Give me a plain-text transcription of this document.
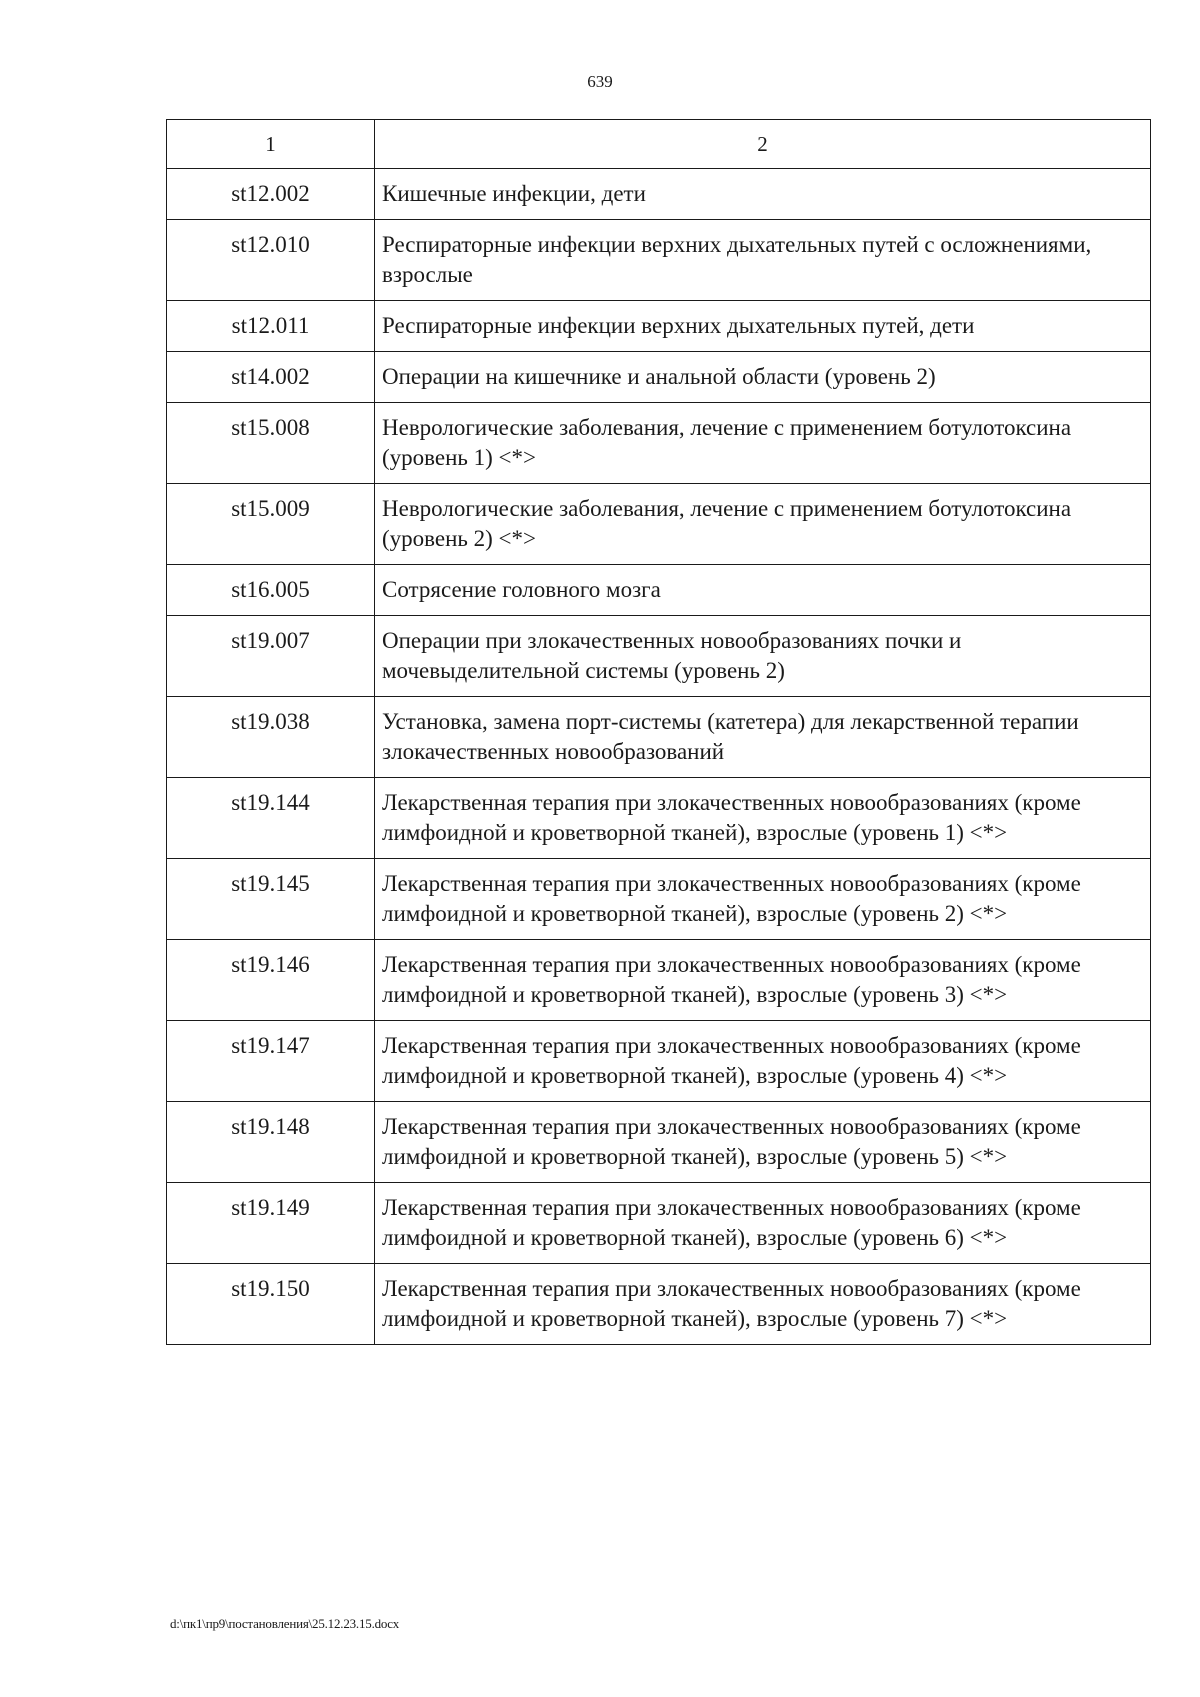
639
1	2
st12.002	Кишечные инфекции, дети
st12.010	Респираторные инфекции верхних дыхательных путей с осложнениями, взрослые
st12.011	Респираторные инфекции верхних дыхательных путей, дети
st14.002	Операции на кишечнике и анальной области (уровень 2)
st15.008	Неврологические заболевания, лечение с применением ботулотоксина (уровень 1) <*>
st15.009	Неврологические заболевания, лечение с применением ботулотоксина (уровень 2) <*>
st16.005	Сотрясение головного мозга
st19.007	Операции при злокачественных новообразованиях почки и мочевыделительной системы (уровень 2)
st19.038	Установка, замена порт-системы (катетера) для лекарственной терапии злокачественных новообразований
st19.144	Лекарственная терапия при злокачественных новообразованиях (кроме лимфоидной и кроветворной тканей), взрослые (уровень 1) <*>
st19.145	Лекарственная терапия при злокачественных новообразованиях (кроме лимфоидной и кроветворной тканей), взрослые (уровень 2) <*>
st19.146	Лекарственная терапия при злокачественных новообразованиях (кроме лимфоидной и кроветворной тканей), взрослые (уровень 3) <*>
st19.147	Лекарственная терапия при злокачественных новообразованиях (кроме лимфоидной и кроветворной тканей), взрослые (уровень 4) <*>
st19.148	Лекарственная терапия при злокачественных новообразованиях (кроме лимфоидной и кроветворной тканей), взрослые (уровень 5) <*>
st19.149	Лекарственная терапия при злокачественных новообразованиях (кроме лимфоидной и кроветворной тканей), взрослые (уровень 6) <*>
st19.150	Лекарственная терапия при злокачественных новообразованиях (кроме лимфоидной и кроветворной тканей), взрослые (уровень 7) <*>
d:\пк1\пр9\постановления\25.12.23.15.docx
